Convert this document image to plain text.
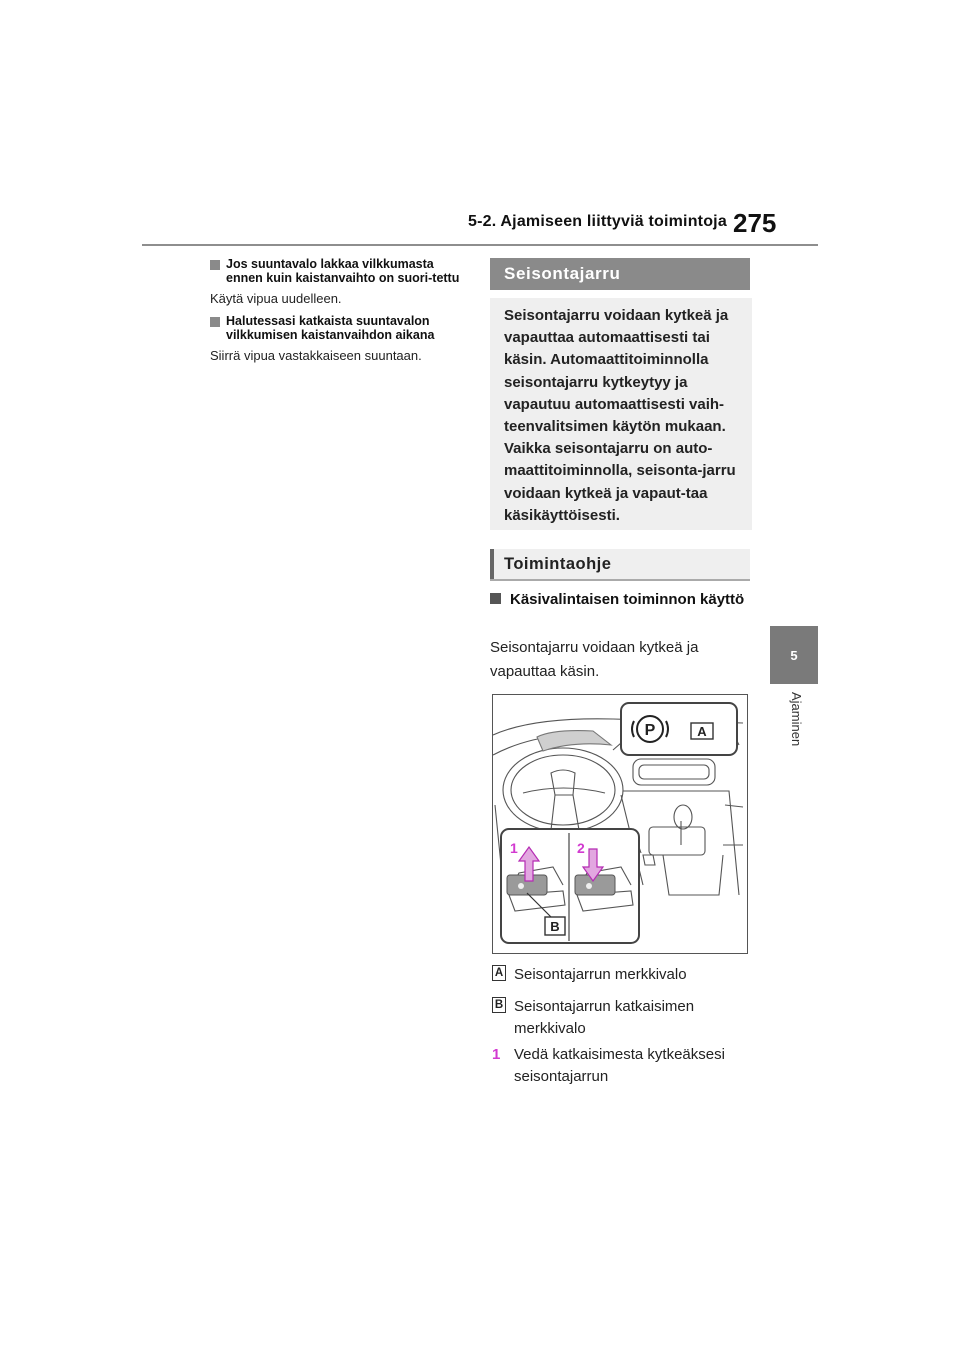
5-2. Ajamiseen liittyviä toimintoja 275
5
Ajaminen
Jos suuntavalo lakkaa vilkkumasta ennen kuin kaistanvaihto on suori-tettu
Käytä vipua uudelleen.
Halutessasi katkaista suuntavalon vilkkumisen kaistanvaihdon aikana
Siirrä vipua vastakkaiseen suuntaan.
Seisontajarru
Seisontajarru voidaan kytkeä ja vapauttaa automaattisesti tai käsin. Automaattitoiminnolla seisontajarru kytkeytyy ja vapautuu automaattisesti vaih-teenvalitsimen käytön mukaan. Vaikka seisontajarru on auto-maattitoiminnolla, seisonta-jarru voidaan kytkeä ja vapaut-taa käsikäyttöisesti.
Toimintaohje
Käsivalintaisen toiminnon käyttö
Seisontajarru voidaan kytkeä ja vapauttaa käsin.
P	A
1	2
B
A Seisontajarrun merkkivalo
B Seisontajarrun katkaisimen merkkivalo
1 Vedä katkaisimesta kytkeäksesi seisontajarrun
